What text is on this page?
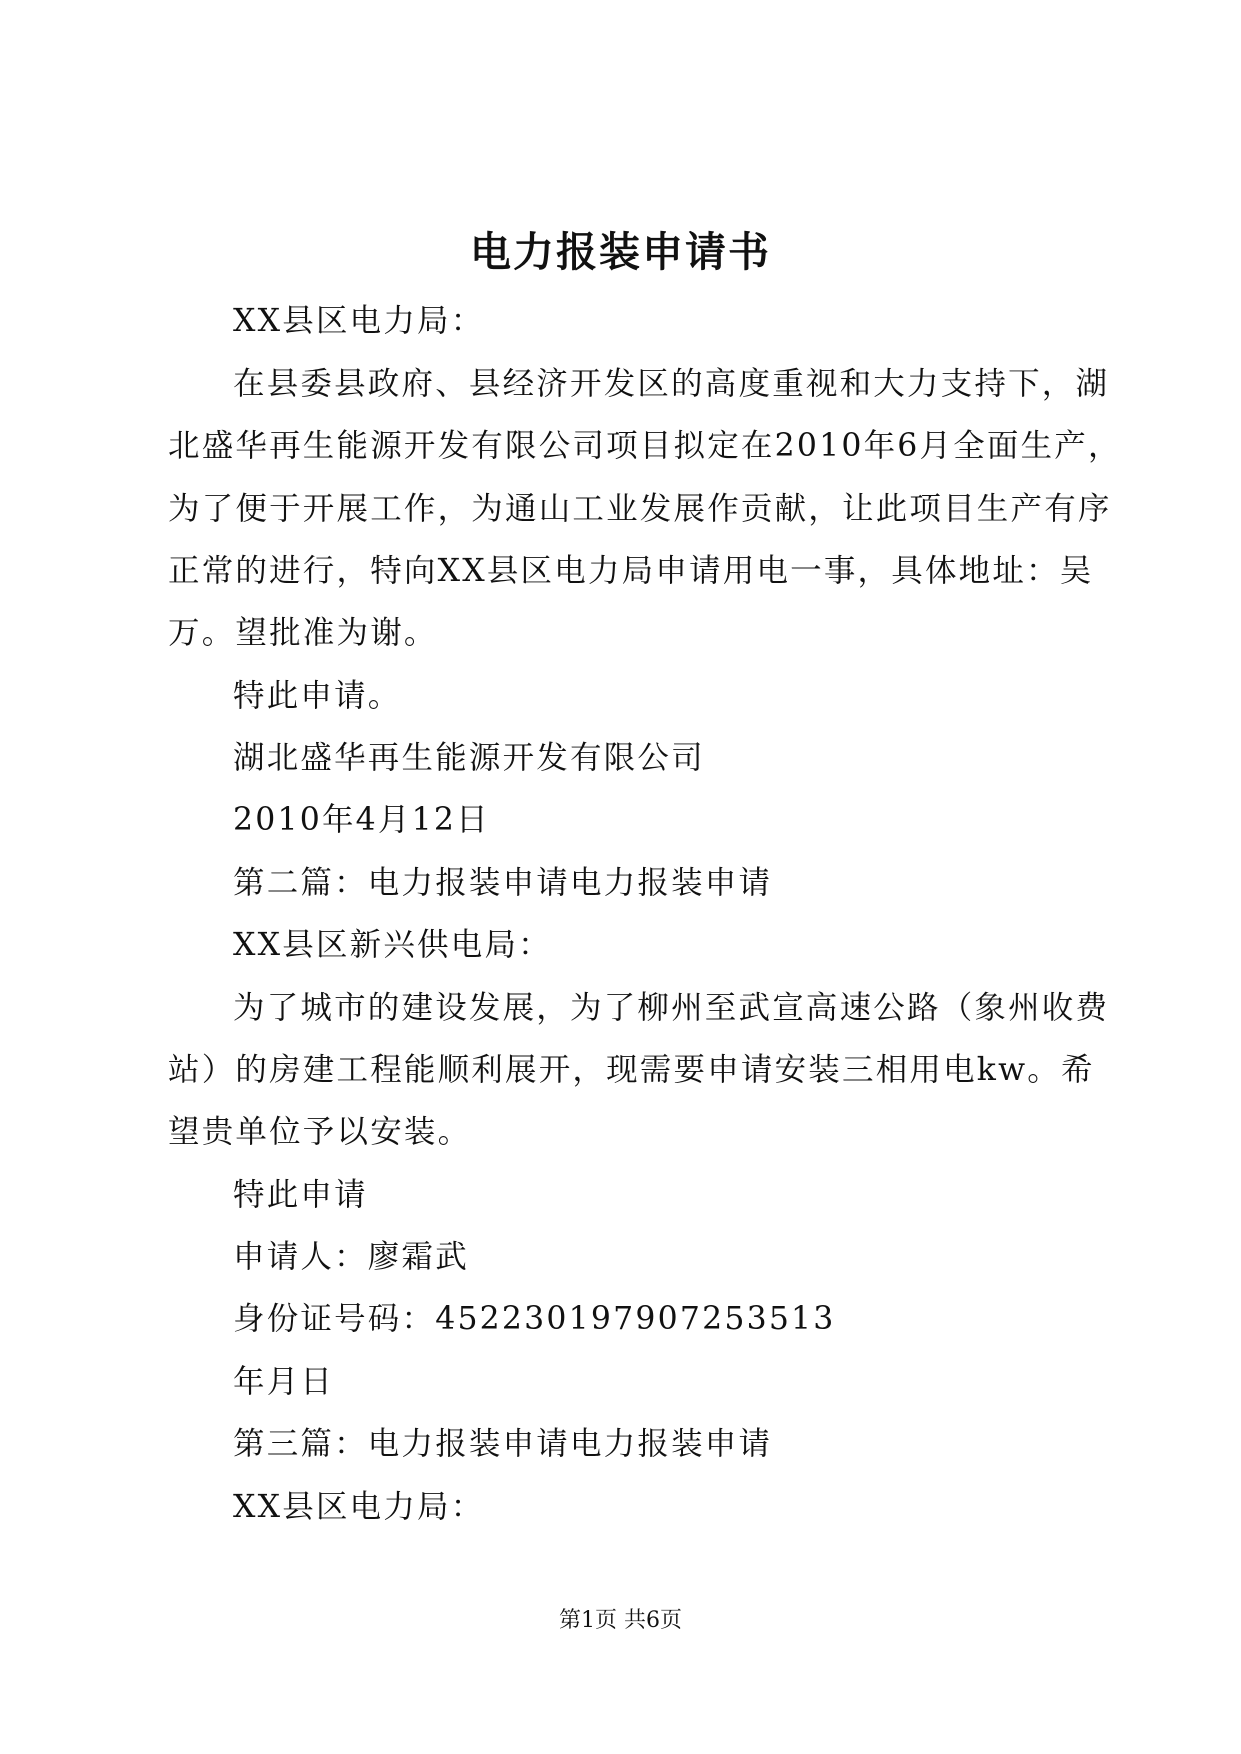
电力报装申请书
XX县区电力局：
在县委县政府、县经济开发区的高度重视和大力支持下，湖
北盛华再生能源开发有限公司项目拟定在2010年6月全面生产，
为了便于开展工作，为通山工业发展作贡献，让此项目生产有序
正常的进行，特向XX县区电力局申请用电一事，具体地址：吴
万。望批准为谢。
特此申请。
湖北盛华再生能源开发有限公司
2010年4月12日
第二篇：电力报装申请电力报装申请
XX县区新兴供电局：
为了城市的建设发展，为了柳州至武宣高速公路（象州收费
站）的房建工程能顺利展开，现需要申请安装三相用电kw。希
望贵单位予以安装。
特此申请
申请人：廖霜武
身份证号码：452230197907253513
年月日
第三篇：电力报装申请电力报装申请
XX县区电力局：
第1页 共6页
